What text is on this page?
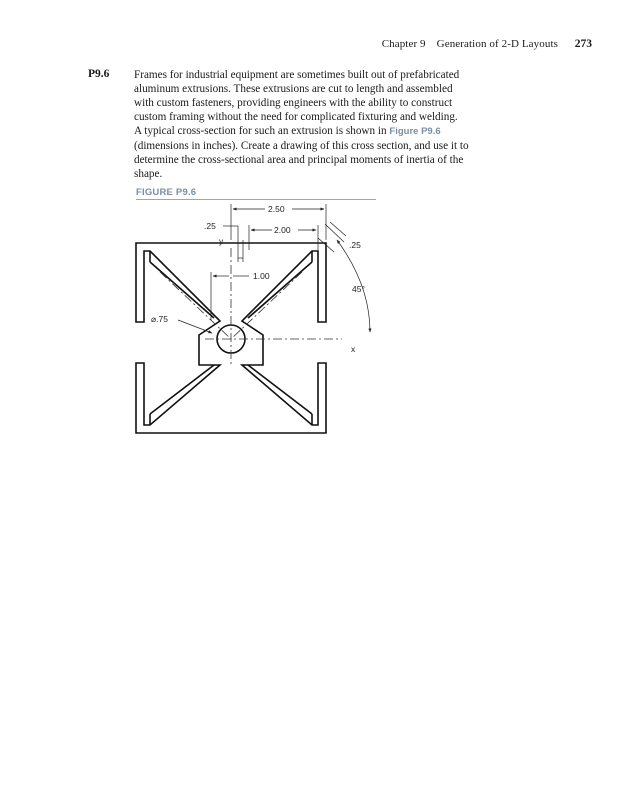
Chapter 9 Generation of 2-D Layouts 273
P9.6 Frames for industrial equipment are sometimes built out of prefabricated
aluminum extrusions. These extrusions are cut to length and assembled
with custom fasteners, providing engineers with the ability to construct
custom framing without the need for complicated fixturing and welding.
A typical cross-section for such an extrusion is shown in Figure P9.6
(dimensions in inches). Create a drawing of this cross section, and use it to
determine the cross-sectional area and principal moments of inertia of the
shape.
FIGURE P9.6
2.50
2.00
.25
y
1.00
.25
45°
x
⌀.75
